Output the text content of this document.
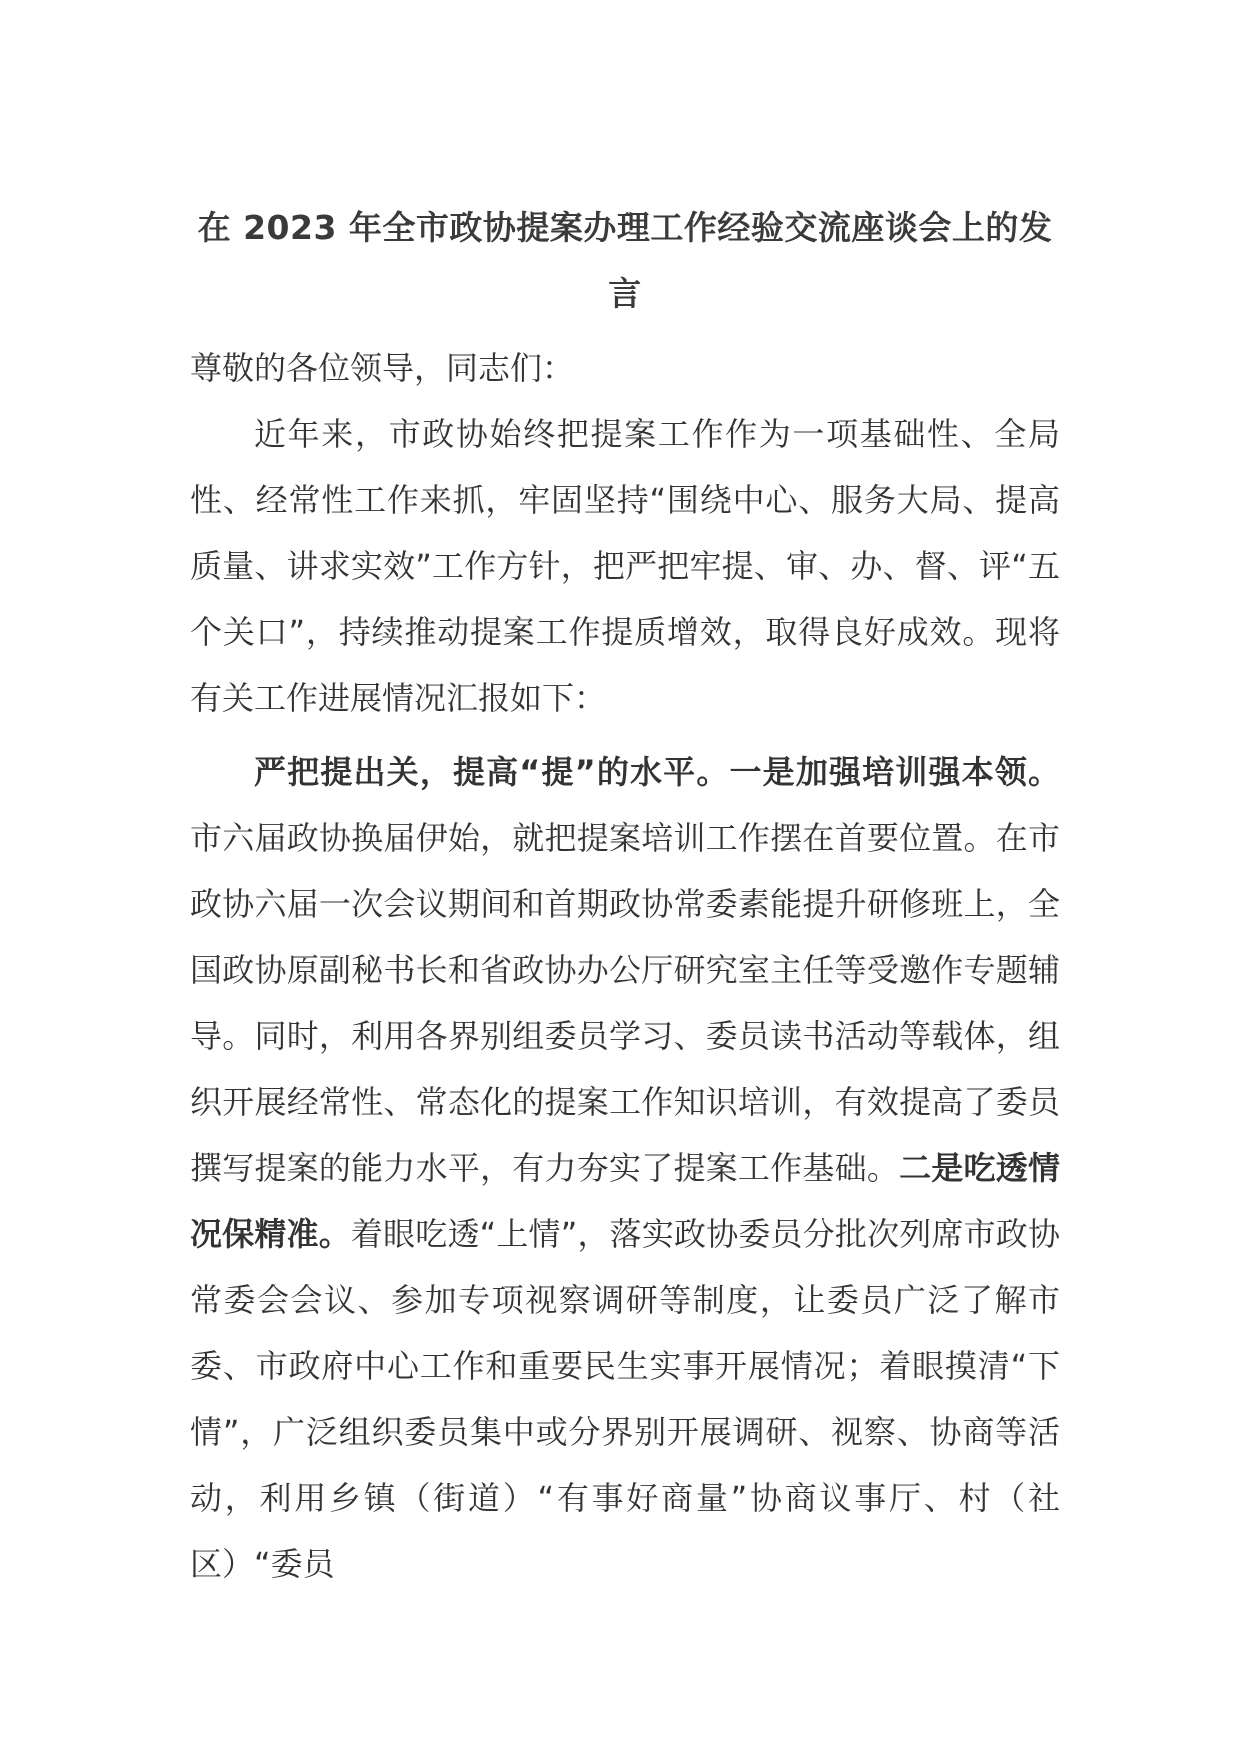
在 2023 年全市政协提案办理工作经验交流座谈会上的发言

尊敬的各位领导，同志们：

近年来，市政协始终把提案工作作为一项基础性、全局性、经常性工作来抓，牢固坚持“围绕中心、服务大局、提高质量、讲求实效”工作方针，把严把牢提、审、办、督、评“五个关口”，持续推动提案工作提质增效，取得良好成效。现将有关工作进展情况汇报如下：

严把提出关，提高“提”的水平。一是加强培训强本领。市六届政协换届伊始，就把提案培训工作摆在首要位置。在市政协六届一次会议期间和首期政协常委素能提升研修班上，全国政协原副秘书长和省政协办公厅研究室主任等受邀作专题辅导。同时，利用各界别组委员学习、委员读书活动等载体，组织开展经常性、常态化的提案工作知识培训，有效提高了委员撰写提案的能力水平，有力夯实了提案工作基础。二是吃透情况保精准。着眼吃透“上情”，落实政协委员分批次列席市政协常委会会议、参加专项视察调研等制度，让委员广泛了解市委、市政府中心工作和重要民生实事开展情况；着眼摸清“下情”，广泛组织委员集中或分界别开展调研、视察、协商等活动，利用乡镇（街道）“有事好商量”协商议事厅、村（社区）“委员
